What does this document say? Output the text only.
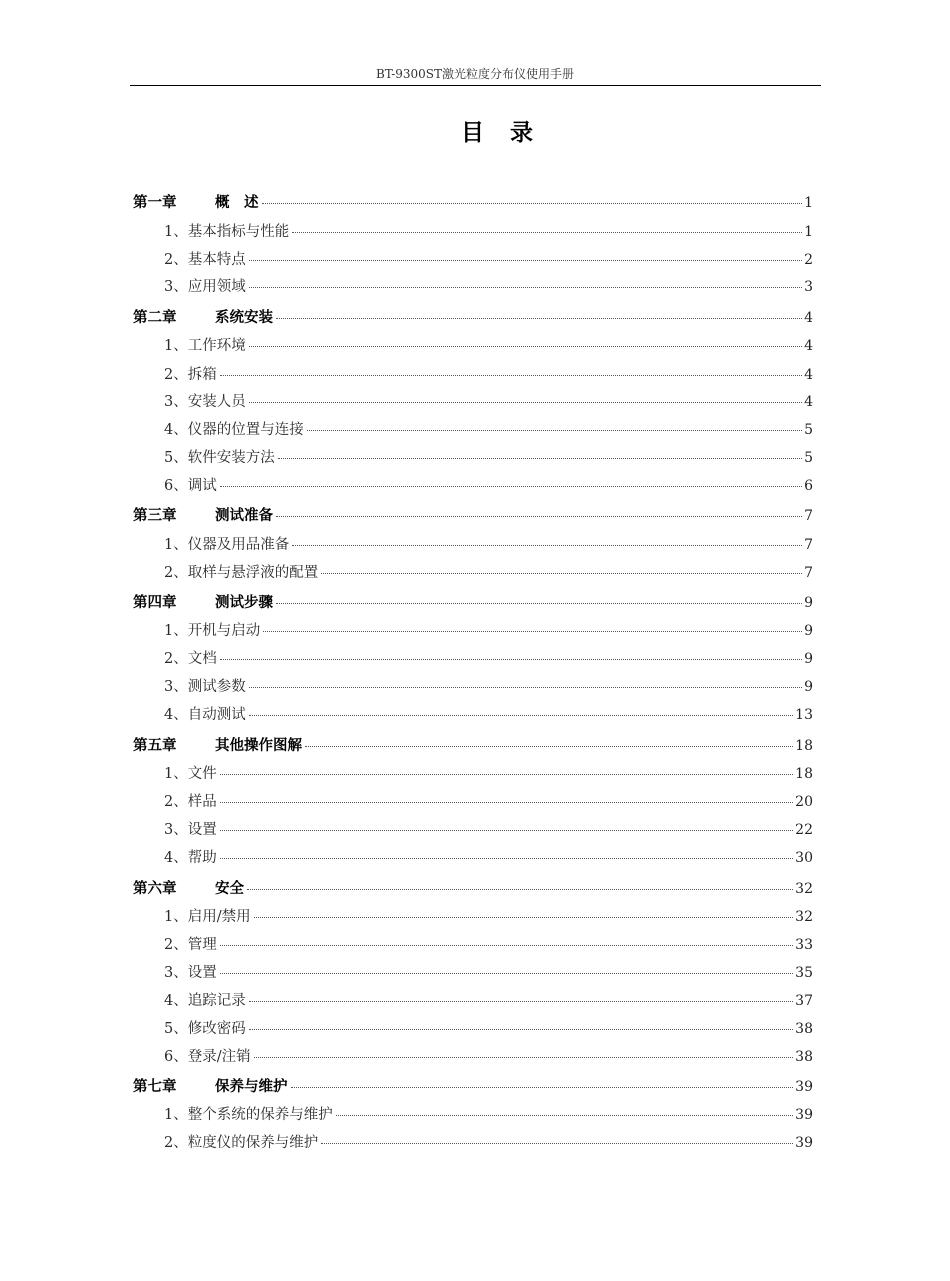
BT-9300ST激光粒度分布仪使用手册
目录
第一章	概　述	1
1、基本指标与性能	1
2、基本特点	2
3、应用领域	3
第二章	系统安装	4
1、工作环境	4
2、拆箱	4
3、安装人员	4
4、仪器的位置与连接	5
5、软件安装方法	5
6、调试	6
第三章	测试准备	7
1、仪器及用品准备	7
2、取样与悬浮液的配置	7
第四章	测试步骤	9
1、开机与启动	9
2、文档	9
3、测试参数	9
4、自动测试	13
第五章	其他操作图解	18
1、文件	18
2、样品	20
3、设置	22
4、帮助	30
第六章	安全	32
1、启用/禁用	32
2、管理	33
3、设置	35
4、追踪记录	37
5、修改密码	38
6、登录/注销	38
第七章	保养与维护	39
1、整个系统的保养与维护	39
2、粒度仪的保养与维护	39
